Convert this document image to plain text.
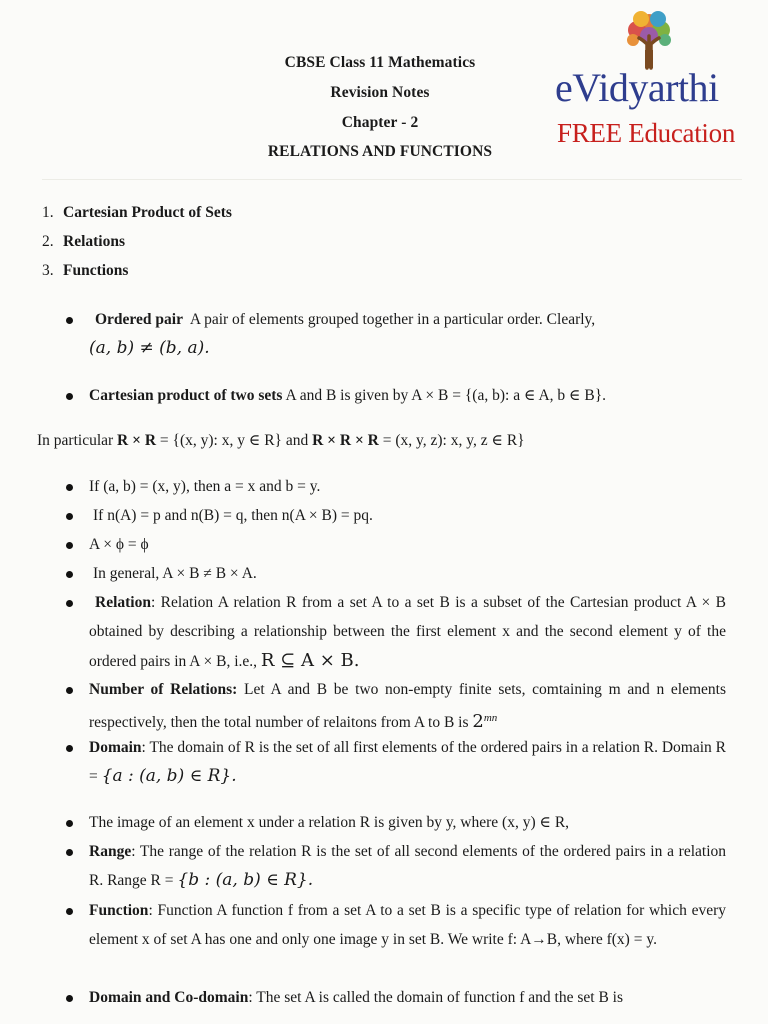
CBSE Class 11 Mathematics
Revision Notes
Chapter - 2
RELATIONS AND FUNCTIONS
eVidyarthi
FREE Education
1. Cartesian Product of Sets
2. Relations
3. Functions
Ordered pair A pair of elements grouped together in a particular order. Clearly,
(a, b) ≠ (b, a).
Cartesian product of two sets A and B is given by A × B = {(a, b): a ∈ A, b ∈ B}.
In particular R × R = {(x, y): x, y ∈ R} and R × R × R = (x, y, z): x, y, z ∈ R}
If (a, b) = (x, y), then a = x and b = y.
If n(A) = p and n(B) = q, then n(A × B) = pq.
A × ϕ = ϕ
In general, A × B ≠ B × A.
Relation: Relation A relation R from a set A to a set B is a subset of the Cartesian product A × B obtained by describing a relationship between the first element x and the second element y of the ordered pairs in A × B, i.e., R ⊆ A × B.
Number of Relations: Let A and B be two non-empty finite sets, comtaining m and n elements respectively, then the total number of relaitons from A to B is $2^{mn}$
Domain: The domain of R is the set of all first elements of the ordered pairs in a relation R. Domain R = {a : (a, b) ∈ R}.
The image of an element x under a relation R is given by y, where (x, y) ∈ R,
Range: The range of the relation R is the set of all second elements of the ordered pairs in a relation R. Range R = {b : (a, b) ∈ R}.
Function: Function A function f from a set A to a set B is a specific type of relation for which every element x of set A has one and only one image y in set B. We write f: A→B, where f(x) = y.
Domain and Co-domain: The set A is called the domain of function f and the set B is
